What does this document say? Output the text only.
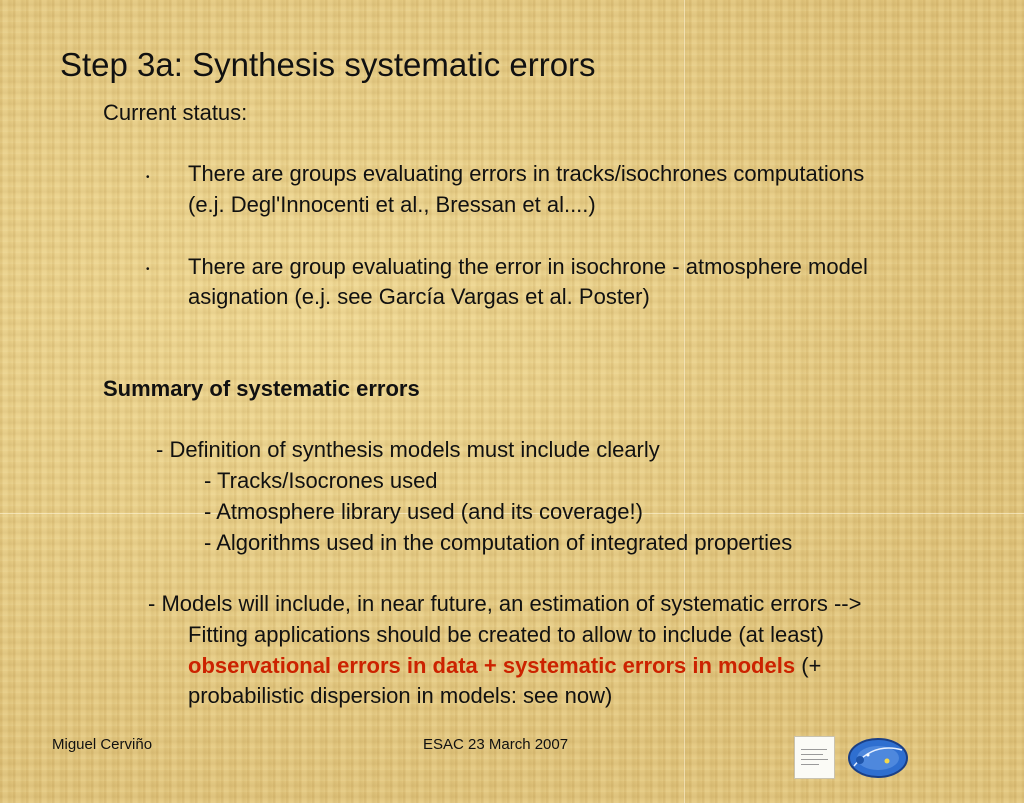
Step 3a: Synthesis systematic errors
Current status:
• There are groups evaluating errors in tracks/isochrones computations
(e.j. Degl'Innocenti et al., Bressan et al....)
• There are group evaluating the error in isochrone - atmosphere model
asignation (e.j. see García Vargas et al. Poster)
Summary of systematic errors
- Definition of synthesis models must include clearly
- Tracks/Isocrones used
- Atmosphere library used (and its coverage!)
- Algorithms used in the computation of integrated properties
- Models will include, in near future, an estimation of systematic errors -->
Fitting applications should be created to allow to include (at least)
observational errors in data + systematic errors in models (+
probabilistic dispersion in models: see now)
Miguel Cerviño	ESAC 23 March 2007
